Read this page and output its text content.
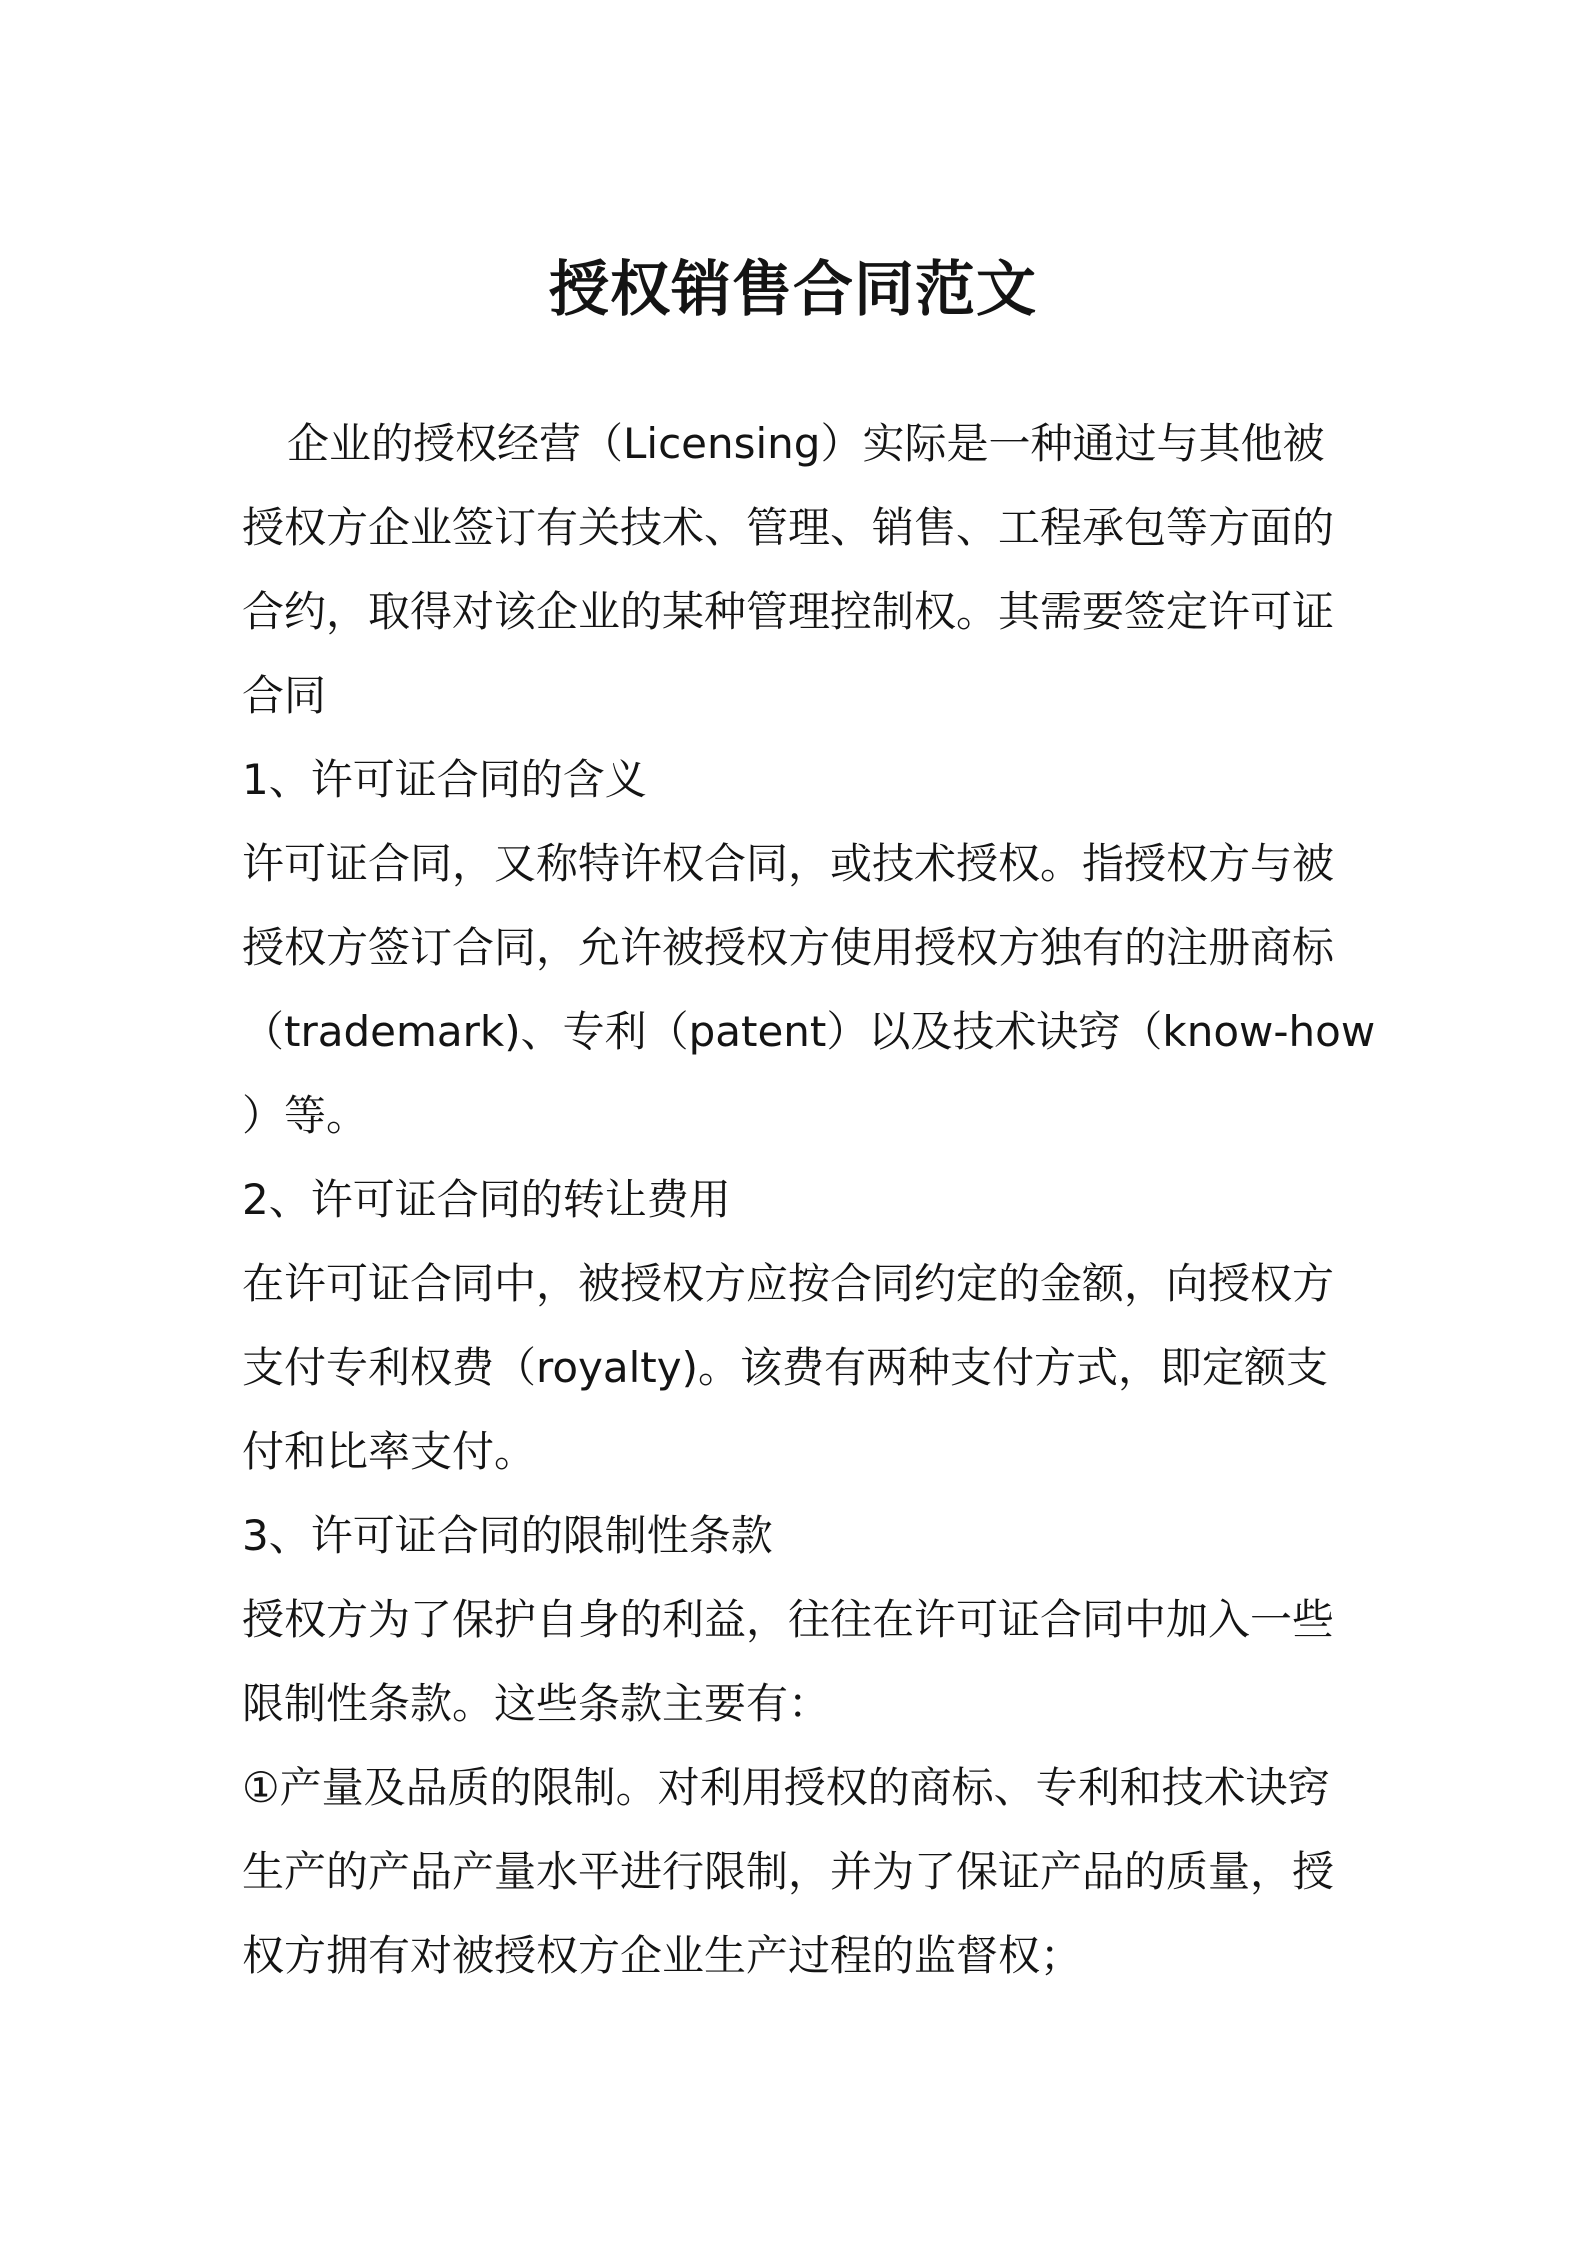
授权销售合同范文
企业的授权经营（Licensing）实际是一种通过与其他被
授权方企业签订有关技术、管理、销售、工程承包等方面的
合约，取得对该企业的某种管理控制权。其需要签定许可证
合同
1、许可证合同的含义
许可证合同，又称特许权合同，或技术授权。指授权方与被
授权方签订合同，允许被授权方使用授权方独有的注册商标
（trademark)、专利（patent）以及技术诀窍（know-how
）等。
2、许可证合同的转让费用
在许可证合同中，被授权方应按合同约定的金额，向授权方
支付专利权费（royalty)。该费有两种支付方式，即定额支
付和比率支付。
3、许可证合同的限制性条款
授权方为了保护自身的利益，往往在许可证合同中加入一些
限制性条款。这些条款主要有：
①产量及品质的限制。对利用授权的商标、专利和技术诀窍
生产的产品产量水平进行限制，并为了保证产品的质量，授
权方拥有对被授权方企业生产过程的监督权；
